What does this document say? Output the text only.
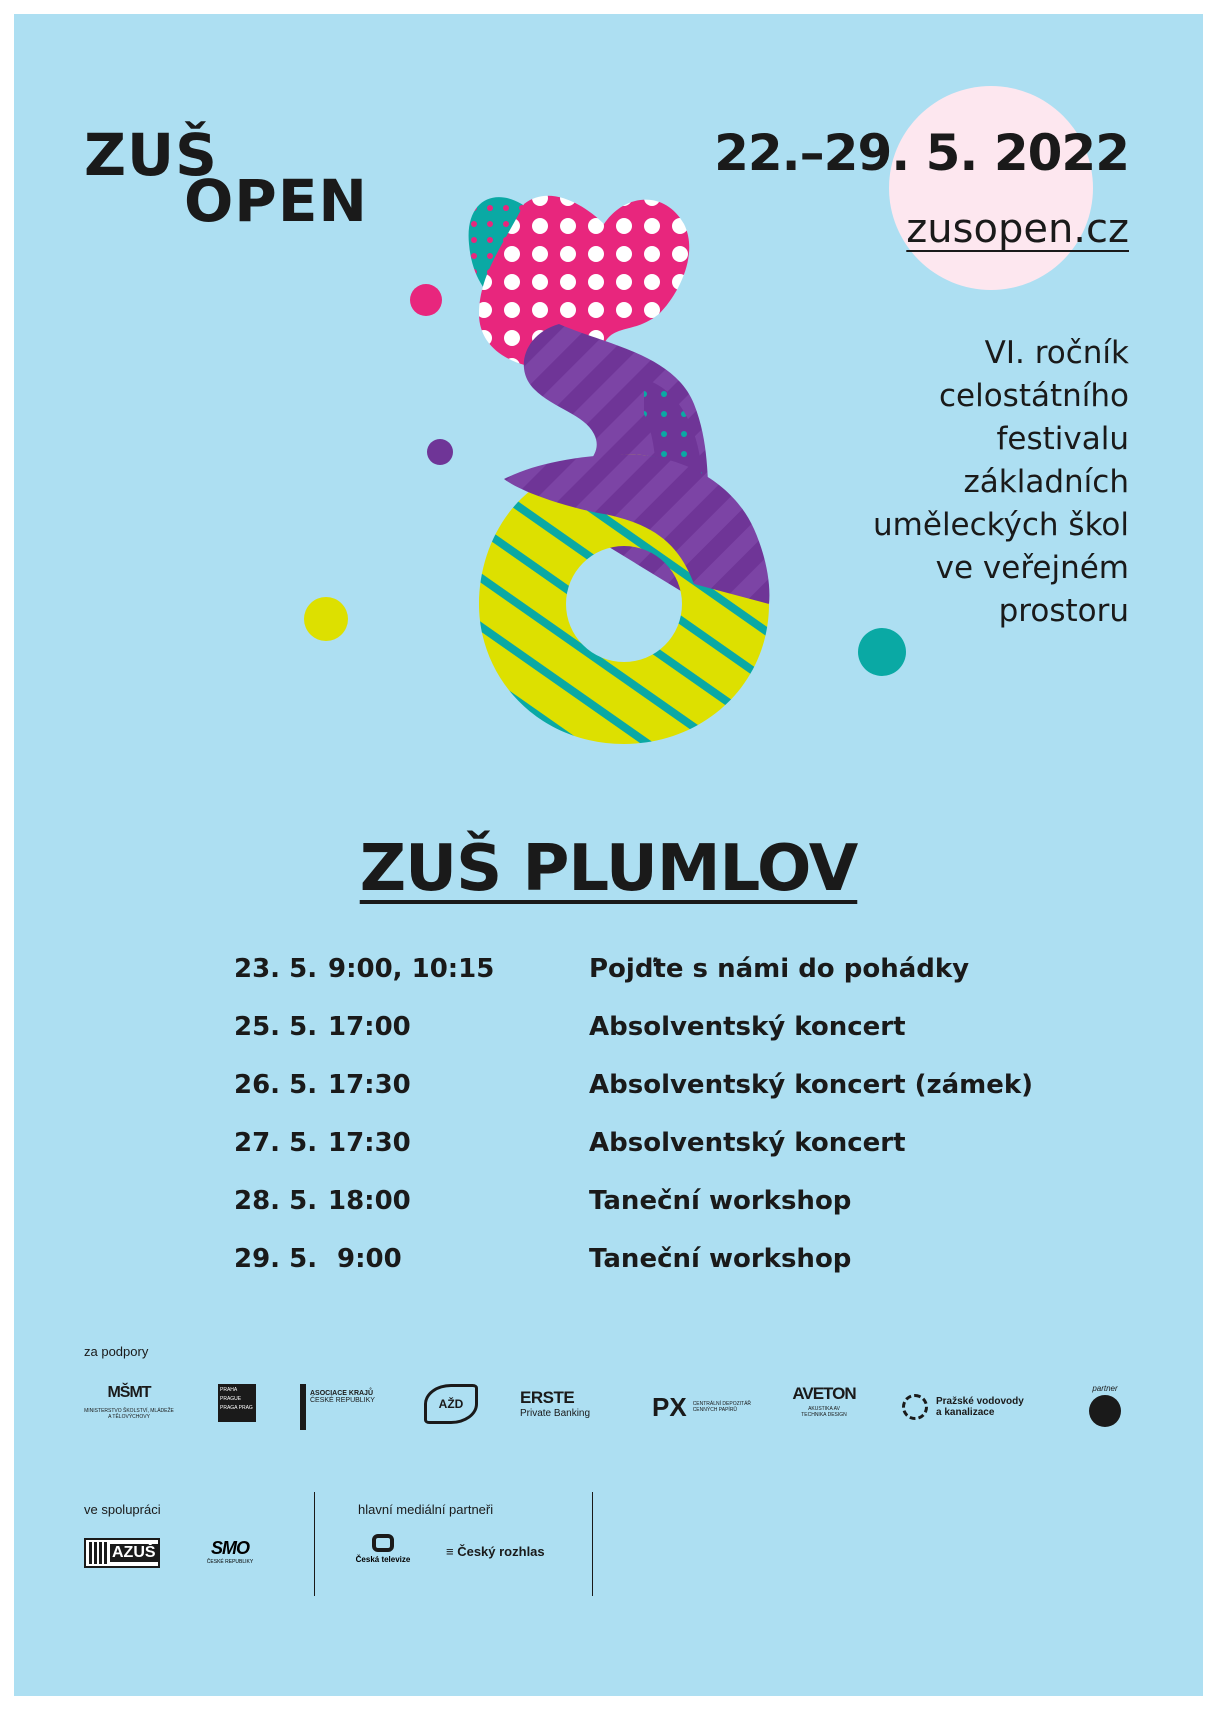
ZUŠ
OPEN
22.–29. 5. 2022
zusopen.cz
VI. ročník
celostátního
festivalu
základních
uměleckých škol
ve veřejném
prostoru
ZUŠ PLUMLOV
23. 5. 9:00, 10:15	Pojďte s námi do pohádky
25. 5. 17:00	Absolventský koncert
26. 5. 17:30	Absolventský koncert (zámek)
27. 5. 17:30	Absolventský koncert
28. 5. 18:00	Taneční workshop
29. 5. 9:00	Taneční workshop
za podpory
MŠMT
MINISTERSTVO ŠKOLSTVÍ, MLÁDEŽE A TĚLOVÝCHOVY
PRAHA PRAGUE PRAGA PRAG
ASOCIACE KRAJŮ
ČESKÉ REPUBLIKY	AŽD	ERSTE
Private Banking	PX CENTRÁLNÍ DEPOZITÁŘ CENNÝCH PAPÍRŮ
AVETON
AKUSTIKA AV TECHNIKA DESIGN
Pražské vodovody
a kanalizace
partner
ve spolupráci	hlavní mediální partneři
AZUŠ	SMO
ČESKÉ REPUBLIKY	Česká televize
≡ Český rozhlas
